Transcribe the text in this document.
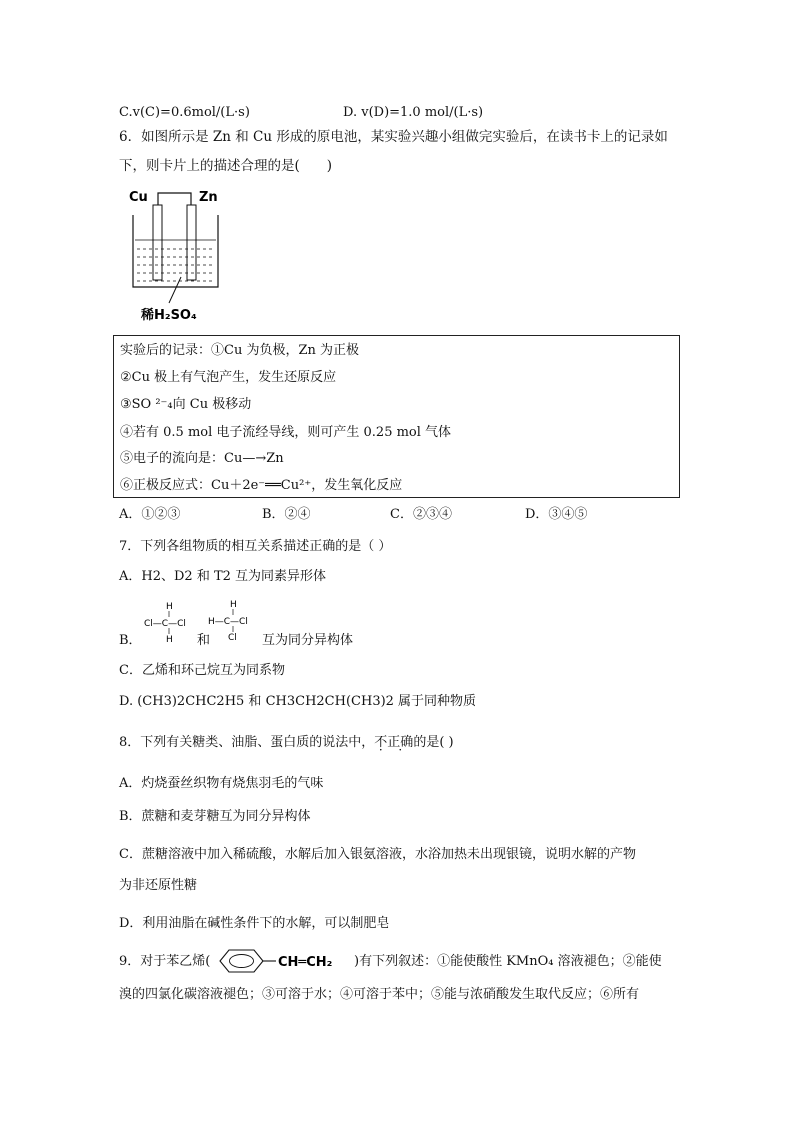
C.v(C)=0.6mol/(L·s)	D. v(D)=1.0 mol/(L·s)
6．如图所示是 Zn 和 Cu 形成的原电池，某实验兴趣小组做完实验后，在读书卡上的记录如
下，则卡片上的描述合理的是(　　)
Cu	Zn
稀H₂SO₄
实验后的记录：①Cu 为负极，Zn 为正极
②Cu 极上有气泡产生，发生还原反应
③SO ²⁻₄向 Cu 极移动
④若有 0.5 mol 电子流经导线，则可产生 0.25 mol 气体
⑤电子的流向是：Cu—→Zn
⑥正极反应式：Cu＋2e⁻══Cu²⁺，发生氧化反应
A．①②③	B．②④	C．②③④	D．③④⑤
7．下列各组物质的相互关系描述正确的是（ ）
A．H2、D2 和 T2 互为同素异形体
B．
H
Cl—C—Cl
H
H
H—C—Cl
Cl
和	互为同分异构体
C．乙烯和环己烷互为同系物
D. (CH3)2CHC2H5 和 CH3CH2CH(CH3)2 属于同种物质
8．下列有关糖类、油脂、蛋白质的说法中，不正确的是( )
A．灼烧蚕丝织物有烧焦羽毛的气味
B．蔗糖和麦芽糖互为同分异构体
C．蔗糖溶液中加入稀硫酸，水解后加入银氨溶液，水浴加热未出现银镜，说明水解的产物
为非还原性糖
D．利用油脂在碱性条件下的水解，可以制肥皂
9．对于苯乙烯(	CH═CH₂ )有下列叙述：①能使酸性 KMnO₄ 溶液褪色；②能使
溴的四氯化碳溶液褪色；③可溶于水；④可溶于苯中；⑤能与浓硝酸发生取代反应；⑥所有
